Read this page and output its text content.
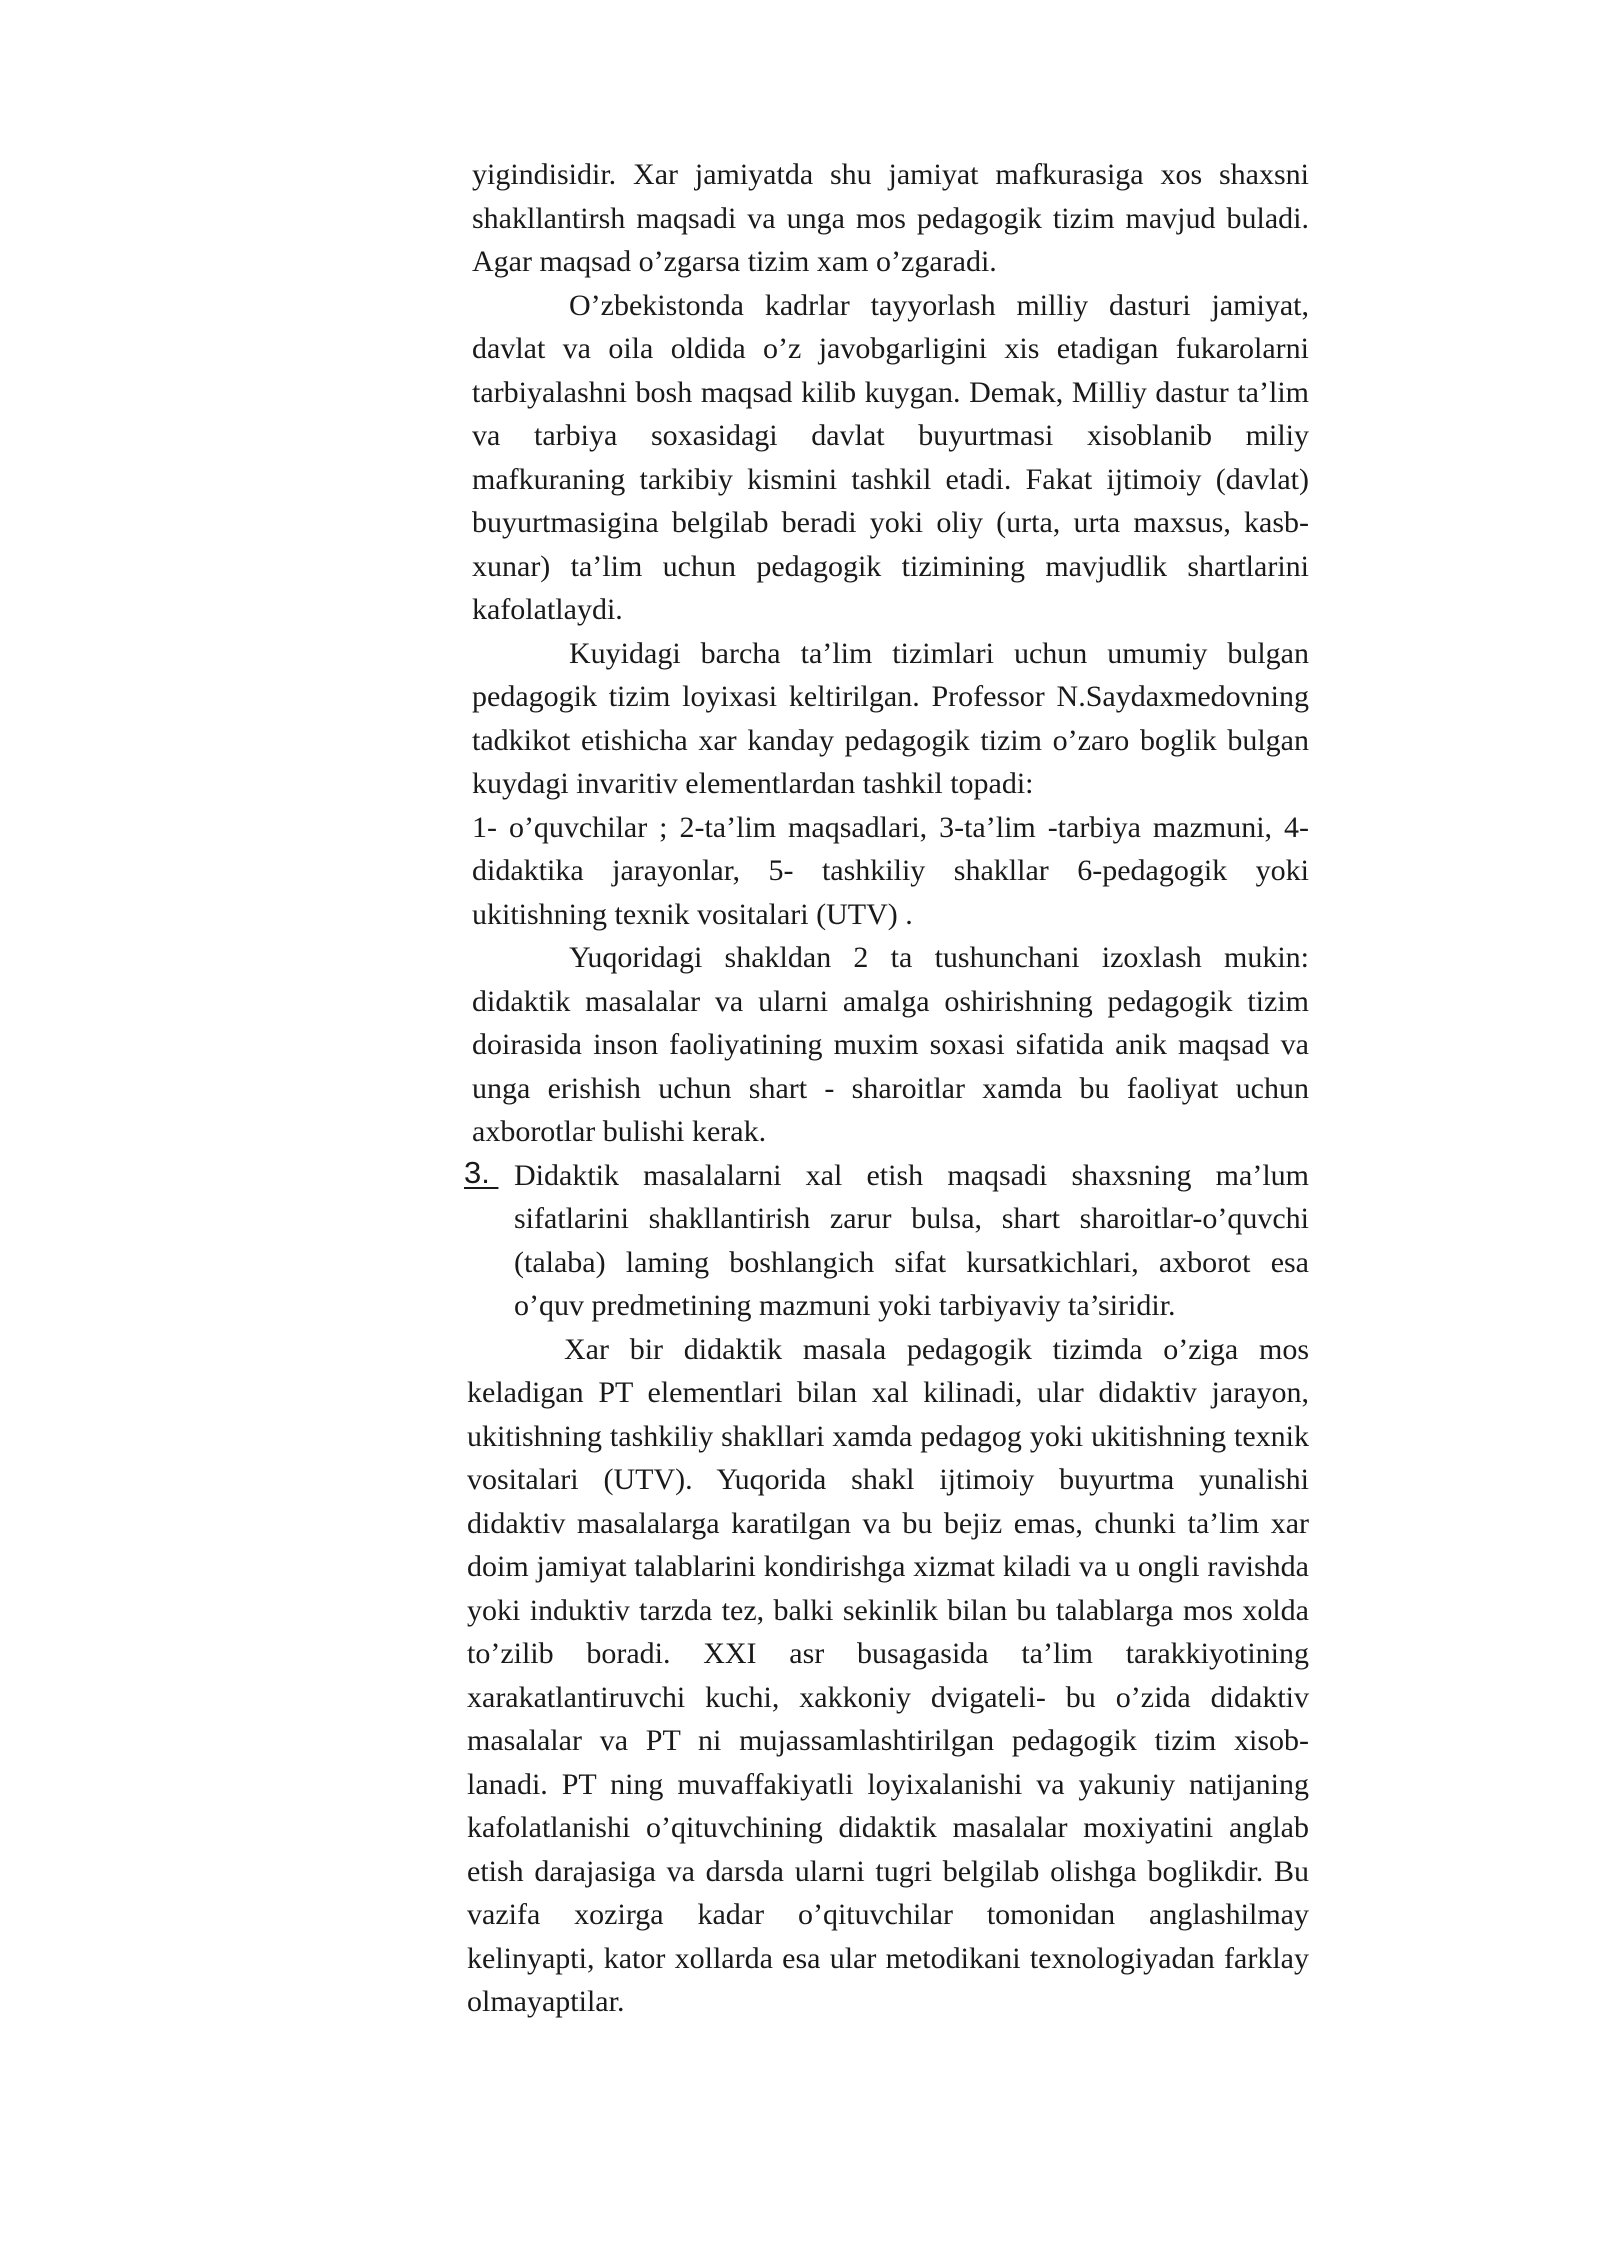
yigindisidir. Xar jamiyatda shu jamiyat mafkurasiga xos shaxsni shakllantirsh maqsadi va unga mos pedagogik tizim mavjud buladi. Agar maqsad o’zgarsa tizim xam o’zgaradi.

O’zbekistonda kadrlar tayyorlash milliy dasturi jamiyat, davlat va oila oldida o’z javobgarligini xis etadigan fukarolarni tarbiyalashni bosh maqsad kilib kuygan. Demak, Milliy dastur ta’lim va tarbiya soxasidagi davlat buyurtmasi xisoblanib miliy mafkuraning tarkibiy kismini tashkil etadi. Fakat ijtimoiy (davlat) buyurtmasigina belgilab beradi yoki oliy (urta, urta maxsus, kasb-xunar) ta’lim uchun pedagogik tizimining mavjudlik shartlarini kafolatlaydi.

Kuyidagi barcha ta’lim tizimlari uchun umumiy bulgan pedagogik tizim loyixasi keltirilgan. Professor N.Saydaxmedovning tadkikot etishicha xar kanday pedagogik tizim o’zaro boglik bulgan kuydagi invaritiv elementlardan tashkil topadi:

1- o’quvchilar ; 2-ta’lim maqsadlari, 3-ta’lim -tarbiya mazmuni, 4- didaktika jarayonlar, 5- tashkiliy shakllar 6-pedagogik yoki ukitishning texnik vositalari (UTV) .

Yuqoridagi shakldan 2 ta tushunchani izoxlash mukin: didaktik masalalar va ularni amalga oshirishning pedagogik tizim doirasida inson faoliyatining muxim soxasi sifatida anik maqsad va unga erishish uchun shart - sharoitlar xamda bu faoliyat uchun axborotlar bulishi kerak.

3. Didaktik masalalarni xal etish maqsadi shaxsning ma’lum sifatlarini shakllantirish zarur bulsa, shart sharoitlar-o’quvchi (talaba) laming boshlangich sifat kursatkichlari, axborot esa o’quv predmetining mazmuni yoki tarbiyaviy ta’siridir.

Xar bir didaktik masala pedagogik tizimda o’ziga mos keladigan PT elementlari bilan xal kilinadi, ular didaktiv jarayon, ukitishning tashkiliy shakllari xamda pedagog yoki ukitishning texnik vositalari (UTV). Yuqorida shakl ijtimoiy buyurtma yunalishi didaktiv masalalarga karatilgan va bu bejiz emas, chunki ta’lim xar doim jamiyat talablarini kondirishga xizmat kiladi va u ongli ravishda yoki induktiv tarzda tez, balki sekinlik bilan bu talablarga mos xolda to’zilib boradi. XXI asr busagasida ta’lim tarakkiyotining xarakatlantiruvchi kuchi, xakkoniy dvigateli- bu o’zida didaktiv masalalar va PT ni mujassamlashtirilgan pedagogik tizim xisob- lanadi. PT ning muvaffakiyatli loyixalanishi va yakuniy natijaning kafolatlanishi o’qituvchining didaktik masalalar moxiyatini anglab etish darajasiga va darsda ularni tugri belgilab olishga boglikdir. Bu vazifa xozirga kadar o’qituvchilar tomonidan anglashilmay kelinyapti, kator xollarda esa ular metodikani texnologiyadan farklay olmayaptilar.
